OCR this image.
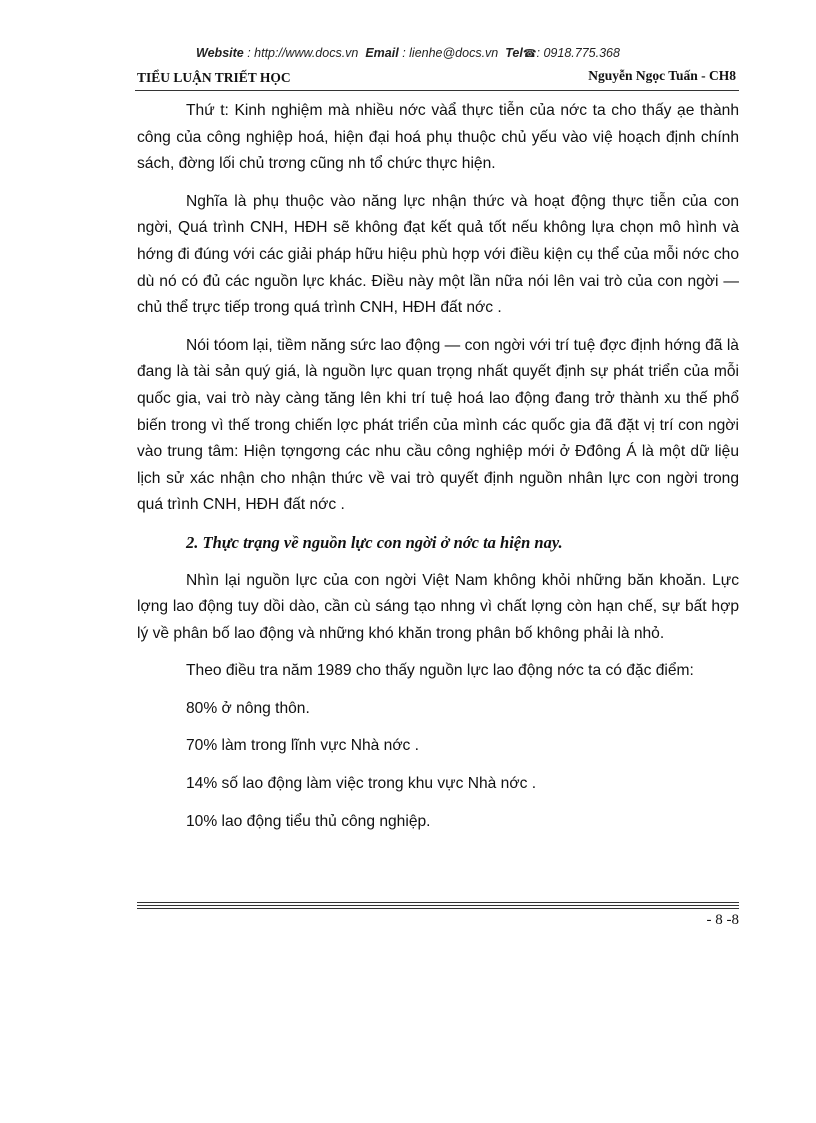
Website : http://www.docs.vn Email : lienhe@docs.vn Tel☎: 0918.775.368
TIỂU LUẬN TRIẾT HỌC	Nguyễn Ngọc Tuấn - CH8

Thứ t: Kinh nghiệm mà nhiều nớc vàẩ thực tiễn của nớc ta cho thấy ạe thành công của công nghiệp hoá, hiện đại hoá phụ thuộc chủ yếu vào việ hoạch định chính sách, đờng lối chủ trơng cũng nh tổ chức thực hiện.

Nghĩa là phụ thuộc vào năng lực nhận thức và hoạt động thực tiễn của con ngời, Quá trình CNH, HĐH sẽ không đạt kết quả tốt nếu không lựa chọn mô hình và hớng đi đúng với các giải pháp hữu hiệu phù hợp với điều kiện cụ thể của mỗi nớc cho dù nó có đủ các nguồn lực khác. Điều này một lần nữa nói lên vai trò của con ngời — chủ thể trực tiếp trong quá trình CNH, HĐH đất nớc .

Nói tóom lại, tiềm năng sức lao động — con ngời với trí tuệ đợc định hớng đã là đang là tài sản quý giá, là nguồn lực quan trọng nhất quyết định sự phát triển của mỗi quốc gia, vai trò này càng tăng lên khi trí tuệ hoá lao động đang trở thành xu thế phổ biến trong vì thế trong chiến lợc phát triển của mình các quốc gia đã đặt vị trí con ngời vào trung tâm: Hiện tợngơng các nhu cầu công nghiệp mới ở Đđông Á là một dữ liệu lịch sử xác nhận cho nhận thức về vai trò quyết định nguồn nhân lực con ngời trong quá trình CNH, HĐH đất nớc .

2. Thực trạng về nguồn lực con ngời ở nớc ta hiện nay.

Nhìn lại nguồn lực của con ngời Việt Nam không khỏi những băn khoăn. Lực lợng lao động tuy dồi dào, cần cù sáng tạo nhng vì chất lợng còn hạn chế, sự bất hợp lý về phân bố lao động và những khó khăn trong phân bố không phải là nhỏ.

Theo điều tra năm 1989 cho thấy nguồn lực lao động nớc ta có đặc điểm:

80% ở nông thôn.

70% làm trong lĩnh vực Nhà nớc .

14% số lao động làm việc trong khu vực Nhà nớc .

10% lao động tiểu thủ công nghiệp.

- 8 -8
